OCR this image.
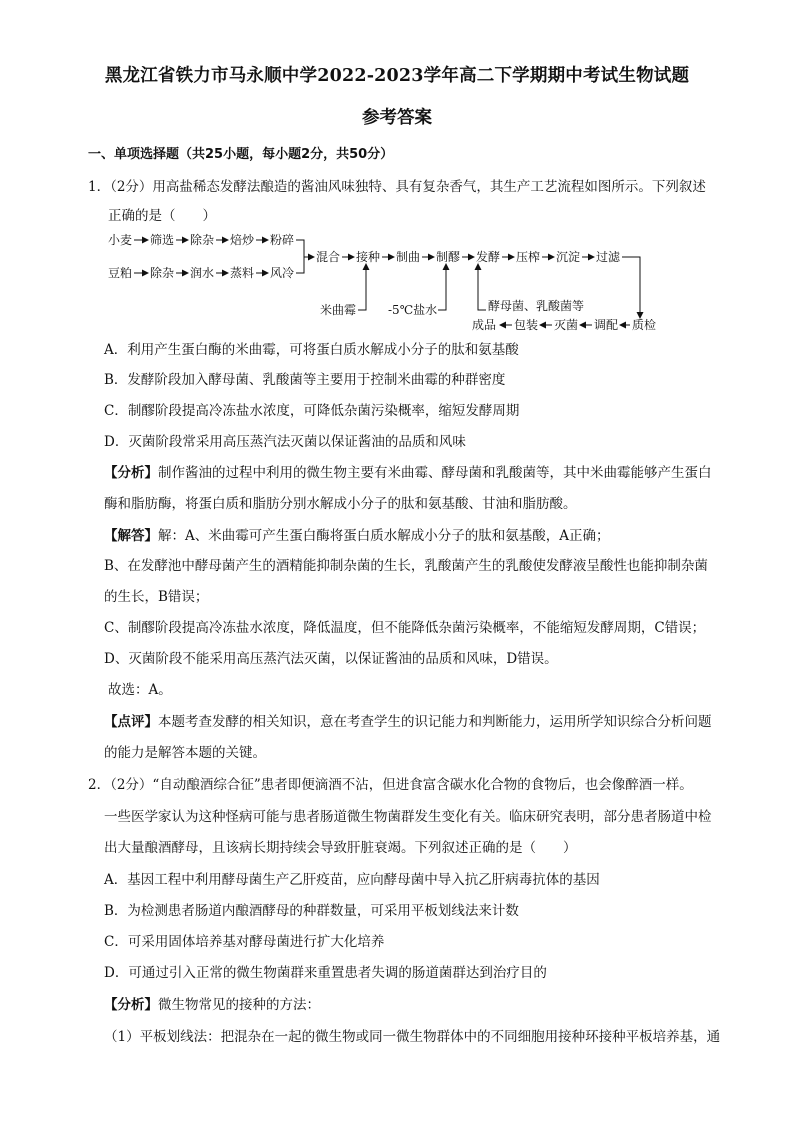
黑龙江省铁力市马永顺中学2022-2023学年高二下学期期中考试生物试题
参考答案
一、单项选择题（共25小题，每小题2分，共50分）
1．（2分）用高盐稀态发酵法酿造的酱油风味独特、具有复杂香气，其生产工艺流程如图所示。下列叙述
正确的是（　　）
小麦 筛选 除杂 焙炒 粉碎
豆粕 除杂 润水 蒸料 风冷
混合 接种 制曲 制醪 发酵 压榨 沉淀 过滤
米曲霉	-5℃盐水	酵母菌、乳酸菌等
成品 包装 灭菌 调配 质检
A．利用产生蛋白酶的米曲霉，可将蛋白质水解成小分子的肽和氨基酸
B．发酵阶段加入酵母菌、乳酸菌等主要用于控制米曲霉的种群密度
C．制醪阶段提高冷冻盐水浓度，可降低杂菌污染概率，缩短发酵周期
D．灭菌阶段常采用高压蒸汽法灭菌以保证酱油的品质和风味
【分析】制作酱油的过程中利用的微生物主要有米曲霉、酵母菌和乳酸菌等，其中米曲霉能够产生蛋白
酶和脂肪酶，将蛋白质和脂肪分别水解成小分子的肽和氨基酸、甘油和脂肪酸。
【解答】解：A、米曲霉可产生蛋白酶将蛋白质水解成小分子的肽和氨基酸，A正确；
B、在发酵池中酵母菌产生的酒精能抑制杂菌的生长，乳酸菌产生的乳酸使发酵液呈酸性也能抑制杂菌
的生长，B错误；
C、制醪阶段提高冷冻盐水浓度，降低温度，但不能降低杂菌污染概率，不能缩短发酵周期，C错误；
D、灭菌阶段不能采用高压蒸汽法灭菌，以保证酱油的品质和风味，D错误。
故选：A。
【点评】本题考查发酵的相关知识，意在考查学生的识记能力和判断能力，运用所学知识综合分析问题
的能力是解答本题的关键。
2．（2分）“自动酿酒综合征”患者即便滴酒不沾，但进食富含碳水化合物的食物后，也会像醉酒一样。
一些医学家认为这种怪病可能与患者肠道微生物菌群发生变化有关。临床研究表明，部分患者肠道中检
出大量酿酒酵母，且该病长期持续会导致肝脏衰竭。下列叙述正确的是（　　）
A．基因工程中利用酵母菌生产乙肝疫苗，应向酵母菌中导入抗乙肝病毒抗体的基因
B．为检测患者肠道内酿酒酵母的种群数量，可采用平板划线法来计数
C．可采用固体培养基对酵母菌进行扩大化培养
D．可通过引入正常的微生物菌群来重置患者失调的肠道菌群达到治疗目的
【分析】微生物常见的接种的方法：
（1）平板划线法：把混杂在一起的微生物或同一微生物群体中的不同细胞用接种环接种平板培养基，通
